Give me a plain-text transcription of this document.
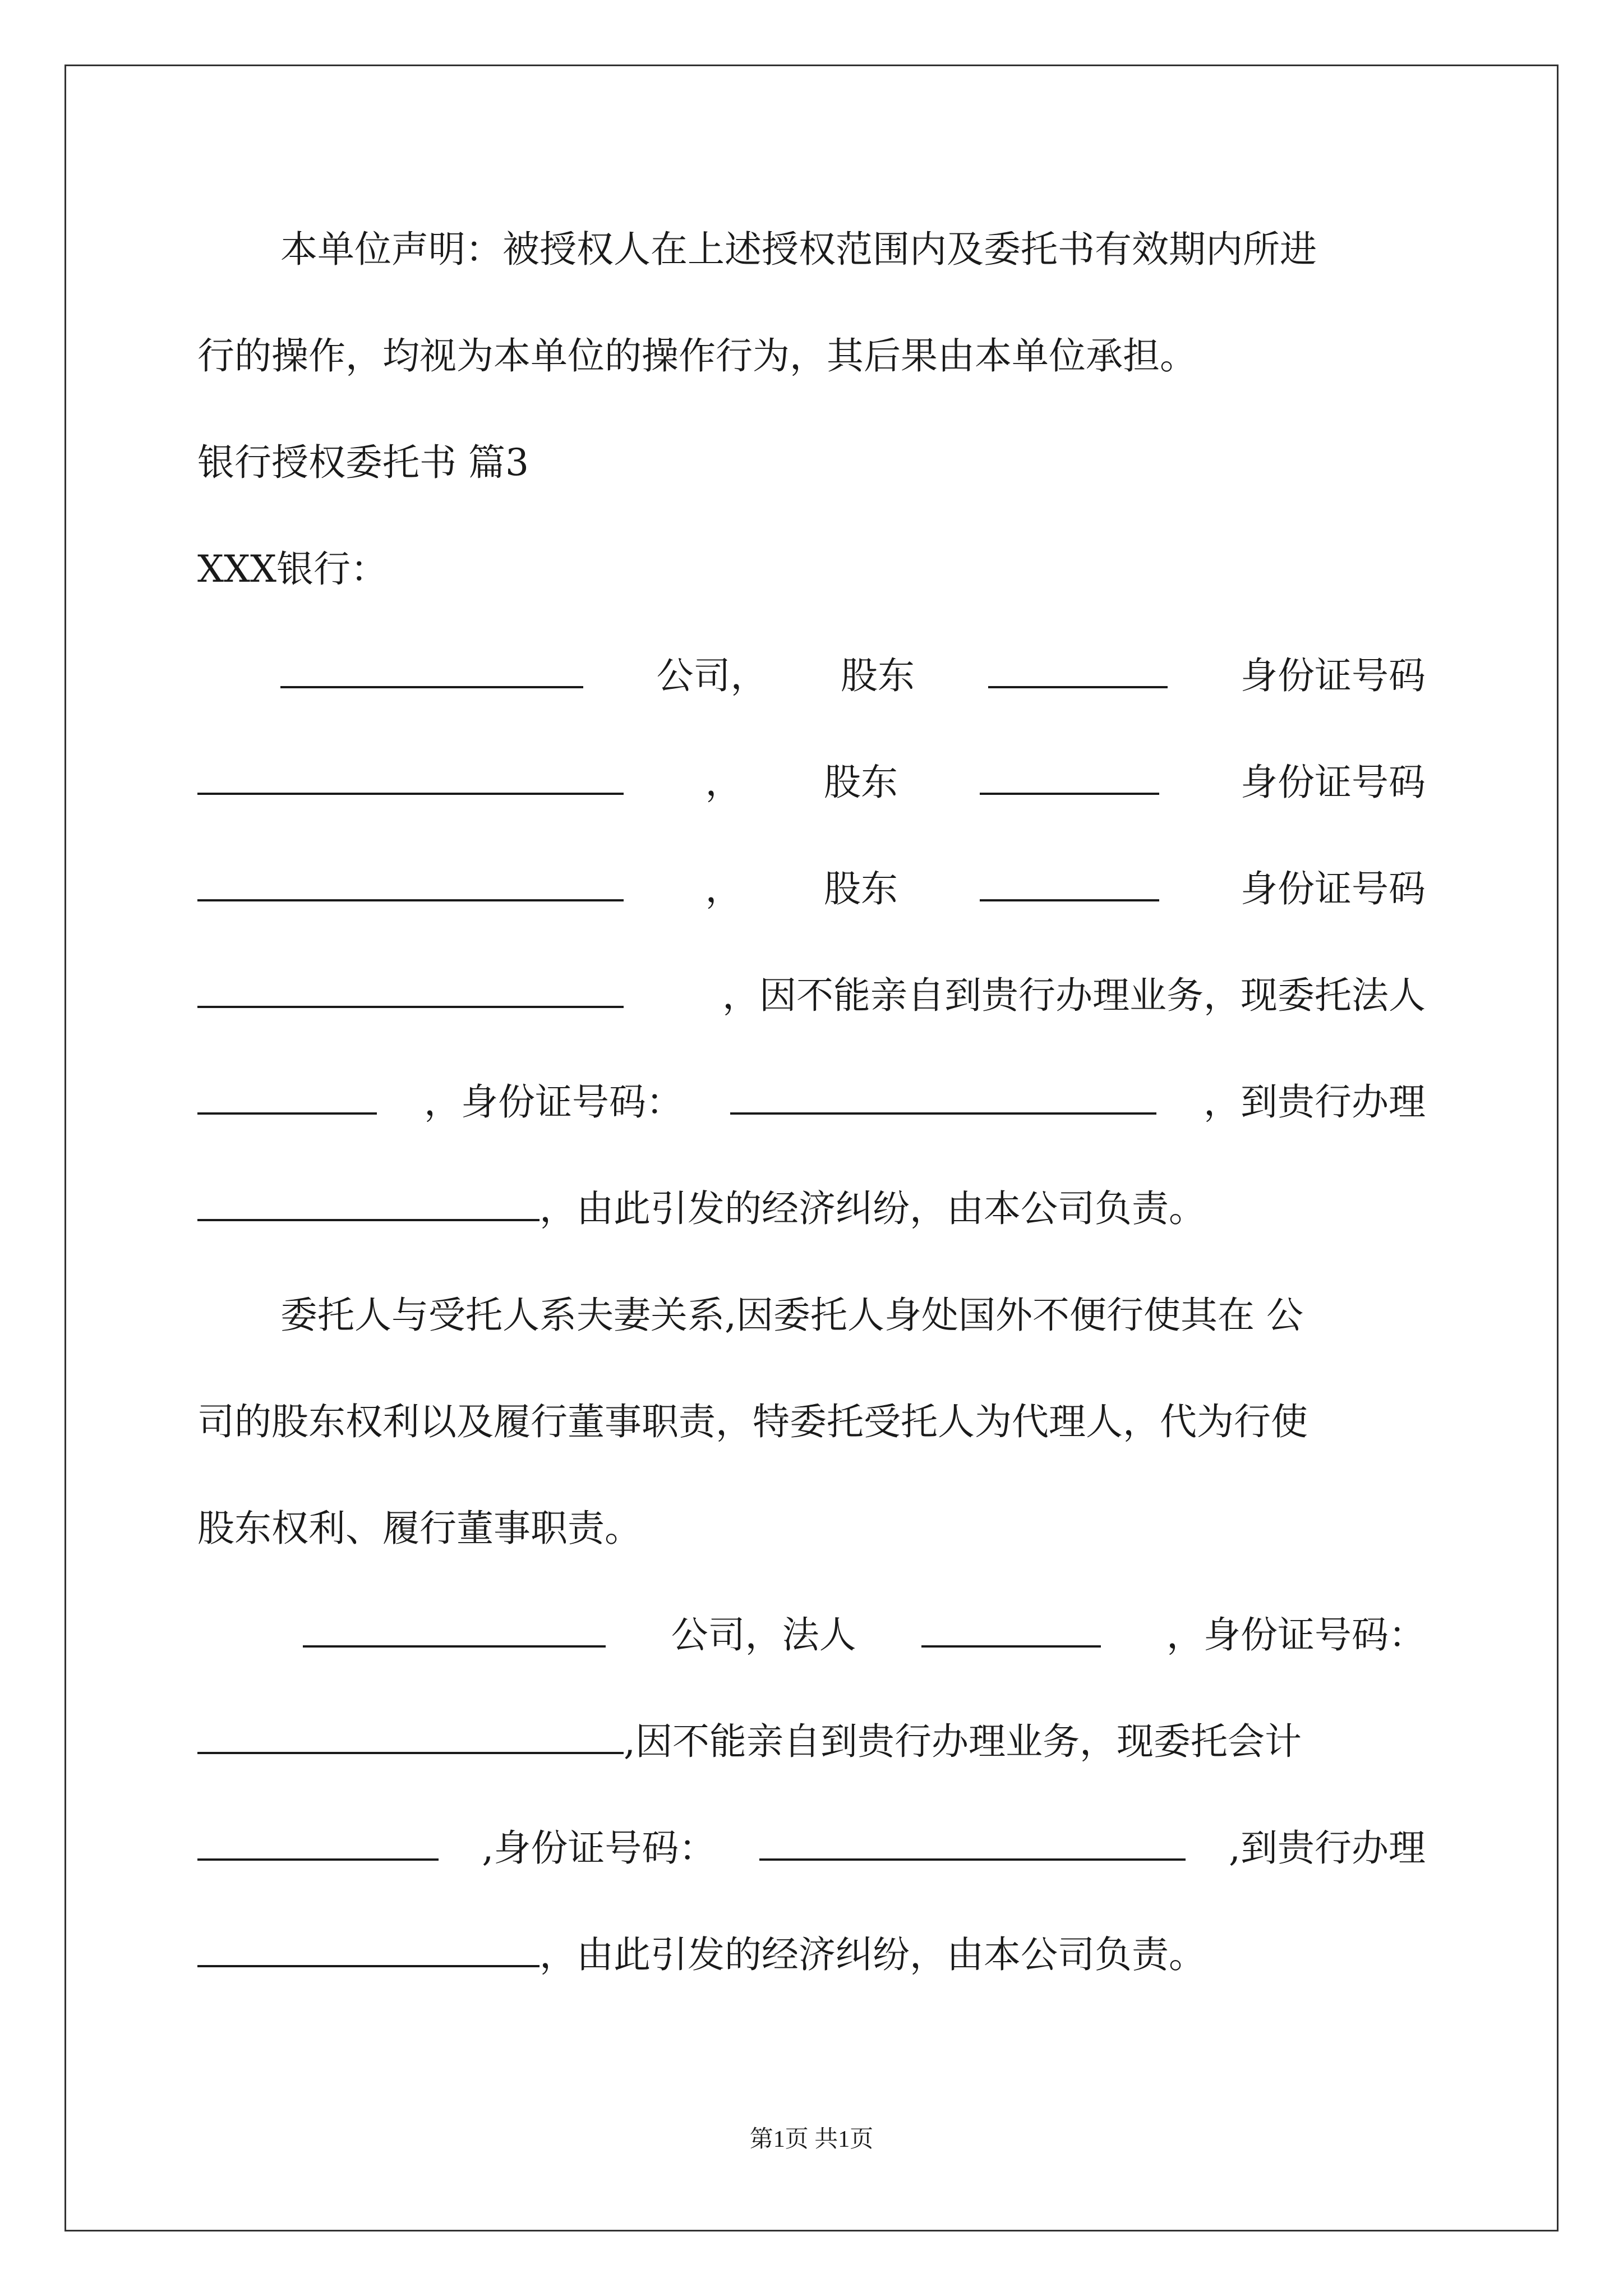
本单位声明：被授权人在上述授权范围内及委托书有效期内所进
行的操作，均视为本单位的操作行为，其后果由本单位承担。
银行授权委托书 篇3
XXX银行：
公司， 股东	身份证号码
， 股东	身份证号码
， 股东	身份证号码
，因不能亲自到贵行办理业务，现委托法人
，身份证号码：	，到贵行办理
，由此引发的经济纠纷，由本公司负责。
委托人与受托人系夫妻关系,因委托人身处国外不便行使其在 公
司的股东权利以及履行董事职责，特委托受托人为代理人，代为行使
股东权利、履行董事职责。
公司，法人	，身份证号码：
,因不能亲自到贵行办理业务，现委托会计
,身份证号码：	,到贵行办理
，由此引发的经济纠纷，由本公司负责。
第1页 共1页
